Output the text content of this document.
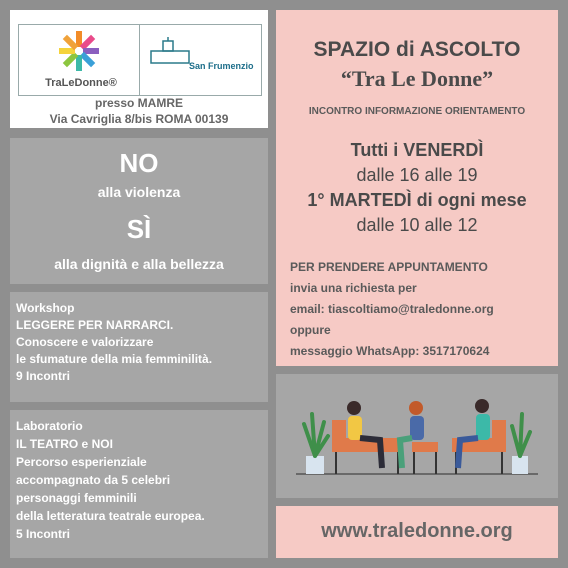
TraLeDonne®
San Frumenzio
presso MAMRE
Via Cavriglia 8/bis ROMA 00139
SPAZIO di ASCOLTO
“Tra Le Donne”
INCONTRO INFORMAZIONE ORIENTAMENTO
Tutti i VENERDÌ
dalle 16 alle 19
1° MARTEDÌ di ogni mese
dalle 10 alle 12
PER PRENDERE APPUNTAMENTO
invia una richiesta per
email: tiascoltiamo@traledonne.org
oppure
messaggio WhatsApp: 3517170624
NO
alla violenza
SÌ
alla dignità e alla bellezza
Workshop
LEGGERE PER NARRARCI.
Conoscere e valorizzare
le sfumature della mia femminilità.
9 Incontri
Laboratorio
IL TEATRO e NOI
Percorso esperienziale
accompagnato da 5 celebri
personaggi femminili
della letteratura teatrale europea.
5 Incontri	www.traledonne.org
